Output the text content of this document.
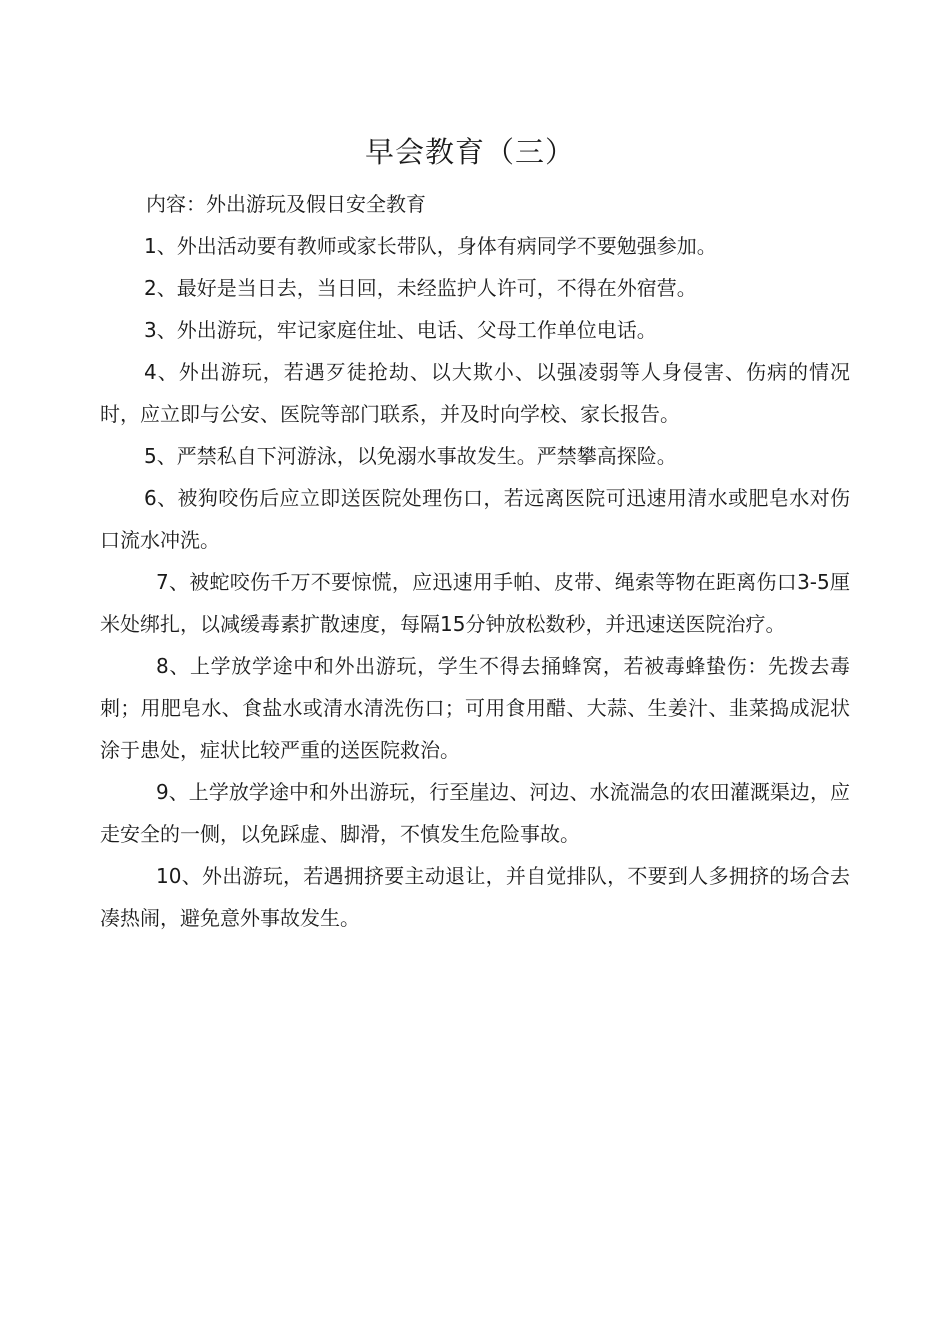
早会教育（三）

内容：外出游玩及假日安全教育

1、外出活动要有教师或家长带队，身体有病同学不要勉强参加。

2、最好是当日去，当日回，未经监护人许可，不得在外宿营。

3、外出游玩，牢记家庭住址、电话、父母工作单位电话。

4、外出游玩，若遇歹徒抢劫、以大欺小、以强凌弱等人身侵害、伤病的情况时，应立即与公安、医院等部门联系，并及时向学校、家长报告。

5、严禁私自下河游泳，以免溺水事故发生。严禁攀高探险。

6、被狗咬伤后应立即送医院处理伤口，若远离医院可迅速用清水或肥皂水对伤口流水冲洗。

7、被蛇咬伤千万不要惊慌，应迅速用手帕、皮带、绳索等物在距离伤口3-5厘米处绑扎，以减缓毒素扩散速度，每隔15分钟放松数秒，并迅速送医院治疗。

8、上学放学途中和外出游玩，学生不得去捅蜂窝，若被毒蜂蛰伤：先拨去毒刺；用肥皂水、食盐水或清水清洗伤口；可用食用醋、大蒜、生姜汁、韭菜捣成泥状涂于患处，症状比较严重的送医院救治。

9、上学放学途中和外出游玩，行至崖边、河边、水流湍急的农田灌溉渠边，应走安全的一侧，以免踩虚、脚滑，不慎发生危险事故。

10、外出游玩，若遇拥挤要主动退让，并自觉排队，不要到人多拥挤的场合去凑热闹，避免意外事故发生。
